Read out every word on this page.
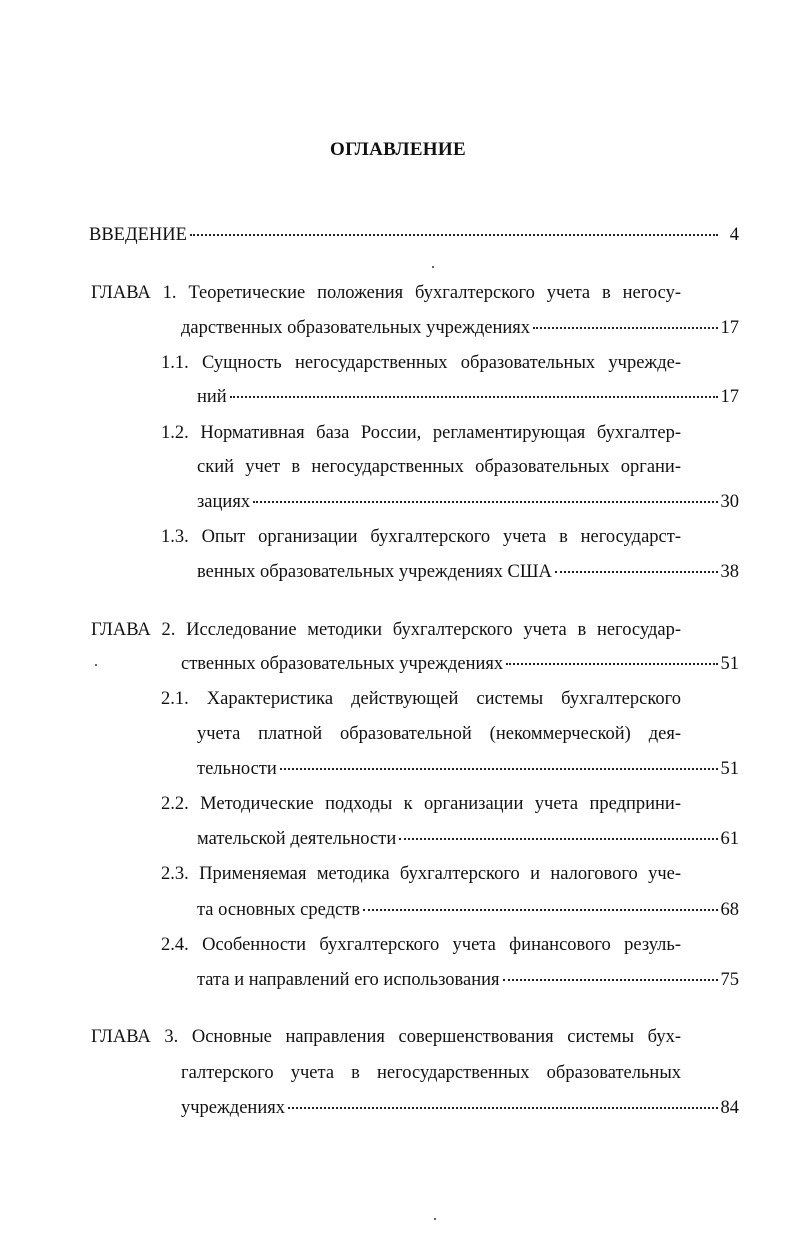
ОГЛАВЛЕНИЕ
ВВЕДЕНИЕ	4
ГЛАВА 1. Теоретические положения бухгалтерского учета в негосу-
дарственных образовательных учреждениях	17
1.1. Сущность негосударственных образовательных учрежде-
ний	17
1.2. Нормативная база России, регламентирующая бухгалтер-
ский учет в негосударственных образовательных органи-
зациях	30
1.3. Опыт организации бухгалтерского учета в негосударст-
венных образовательных учреждениях США	38
ГЛАВА 2. Исследование методики бухгалтерского учета в негосудар-
ственных образовательных учреждениях	51
2.1. Характеристика действующей системы бухгалтерского
учета платной образовательной (некоммерческой) дея-
тельности	51
2.2. Методические подходы к организации учета предприни-
мательской деятельности	61
2.3. Применяемая методика бухгалтерского и налогового уче-
та основных средств	68
2.4. Особенности бухгалтерского учета финансового резуль-
тата и направлений его использования	75
ГЛАВА 3. Основные направления совершенствования системы бух-
галтерского учета в негосударственных образовательных
учреждениях	84
